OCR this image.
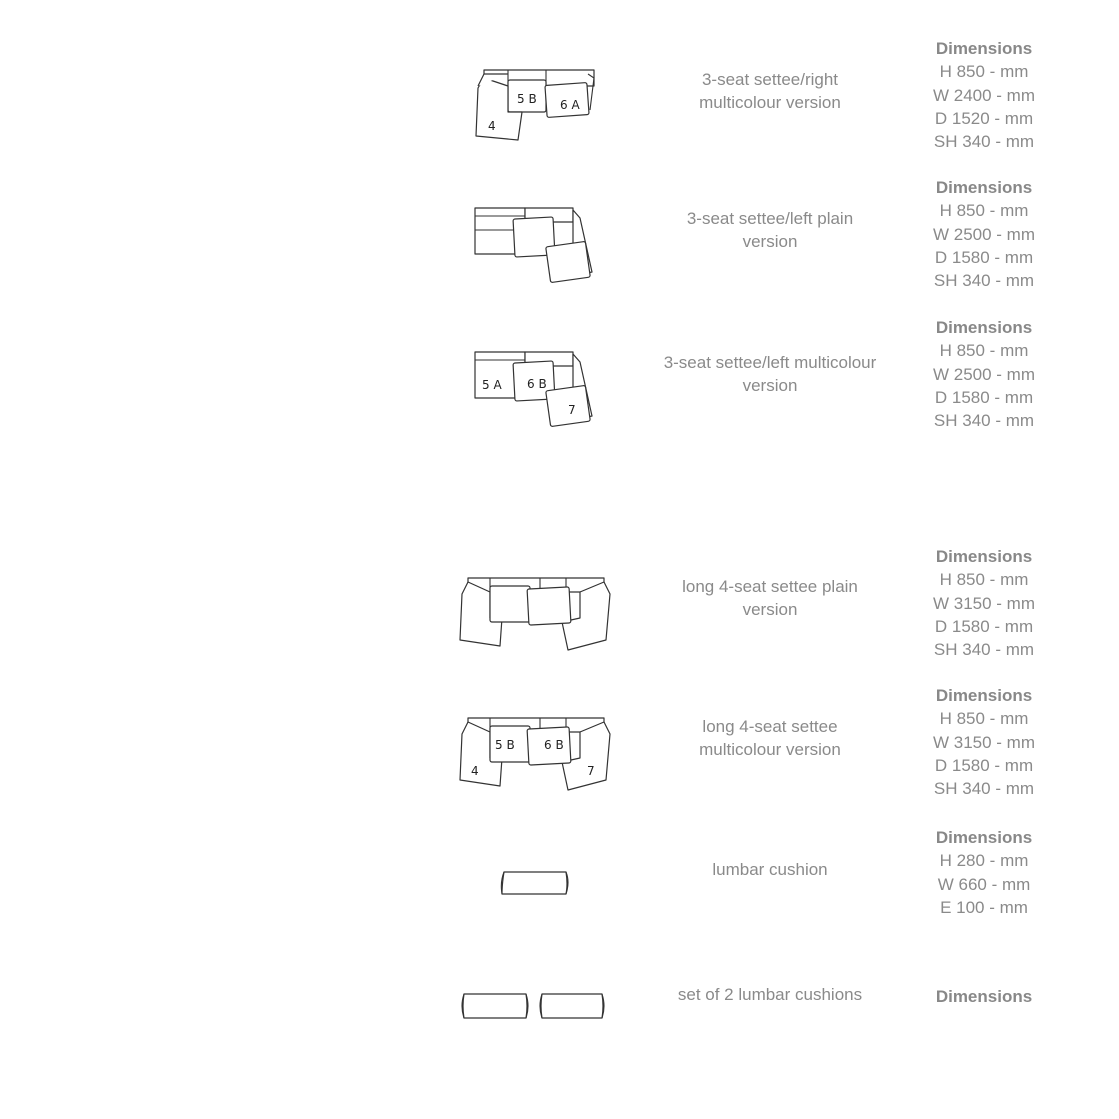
5 B 6 A
4
3-seat settee/right multicolour version
Dimensions
H 850 - mm
W 2400 - mm
D 1520 - mm
SH 340 - mm
3-seat settee/left plain version
Dimensions
H 850 - mm
W 2500 - mm
D 1580 - mm
SH 340 - mm
5 A 6 B
7
3-seat settee/left multicolour version
Dimensions
H 850 - mm
W 2500 - mm
D 1580 - mm
SH 340 - mm
long 4-seat settee plain version
Dimensions
H 850 - mm
W 3150 - mm
D 1580 - mm
SH 340 - mm
5 B 6 B
4	7
long 4-seat settee multicolour version
Dimensions
H 850 - mm
W 3150 - mm
D 1580 - mm
SH 340 - mm
lumbar cushion
Dimensions
H 280 - mm
W 660 - mm
E 100 - mm
set of 2 lumbar cushions	Dimensions
